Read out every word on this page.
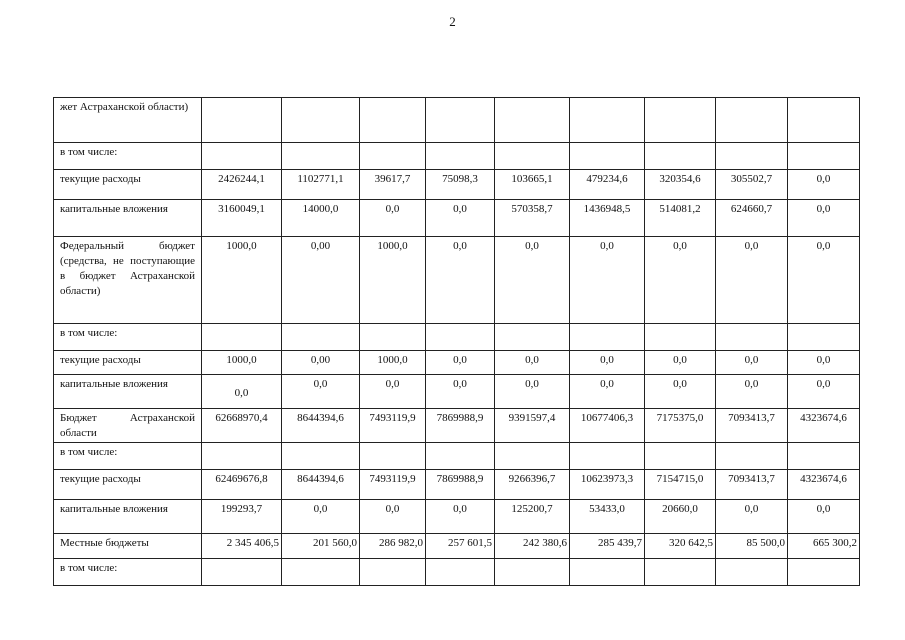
2
жет Астраханской области)									
в том числе:									
текущие расходы	2426244,1	1102771,1	39617,7	75098,3	103665,1	479234,6	320354,6	305502,7	0,0
капитальные вложения	3160049,1	14000,0	0,0	0,0	570358,7	1436948,5	514081,2	624660,7	0,0
Федеральный бюджет (средства, не поступающие в бюджет Астраханской области)	1000,0	0,00	1000,0	0,0	0,0	0,0	0,0	0,0	0,0
в том числе:									
текущие расходы	1000,0	0,00	1000,0	0,0	0,0	0,0	0,0	0,0	0,0
капитальные вложения	0,0	0,0	0,0	0,0	0,0	0,0	0,0	0,0	0,0
Бюджет Астраханской области	62668970,4	8644394,6	7493119,9	7869988,9	9391597,4	10677406,3	7175375,0	7093413,7	4323674,6
в том числе:									
текущие расходы	62469676,8	8644394,6	7493119,9	7869988,9	9266396,7	10623973,3	7154715,0	7093413,7	4323674,6
капитальные вложения	199293,7	0,0	0,0	0,0	125200,7	53433,0	20660,0	0,0	0,0
Местные бюджеты	2 345 406,5	201 560,0	286 982,0	257 601,5	242 380,6	285 439,7	320 642,5	85 500,0	665 300,2
в том числе:									
